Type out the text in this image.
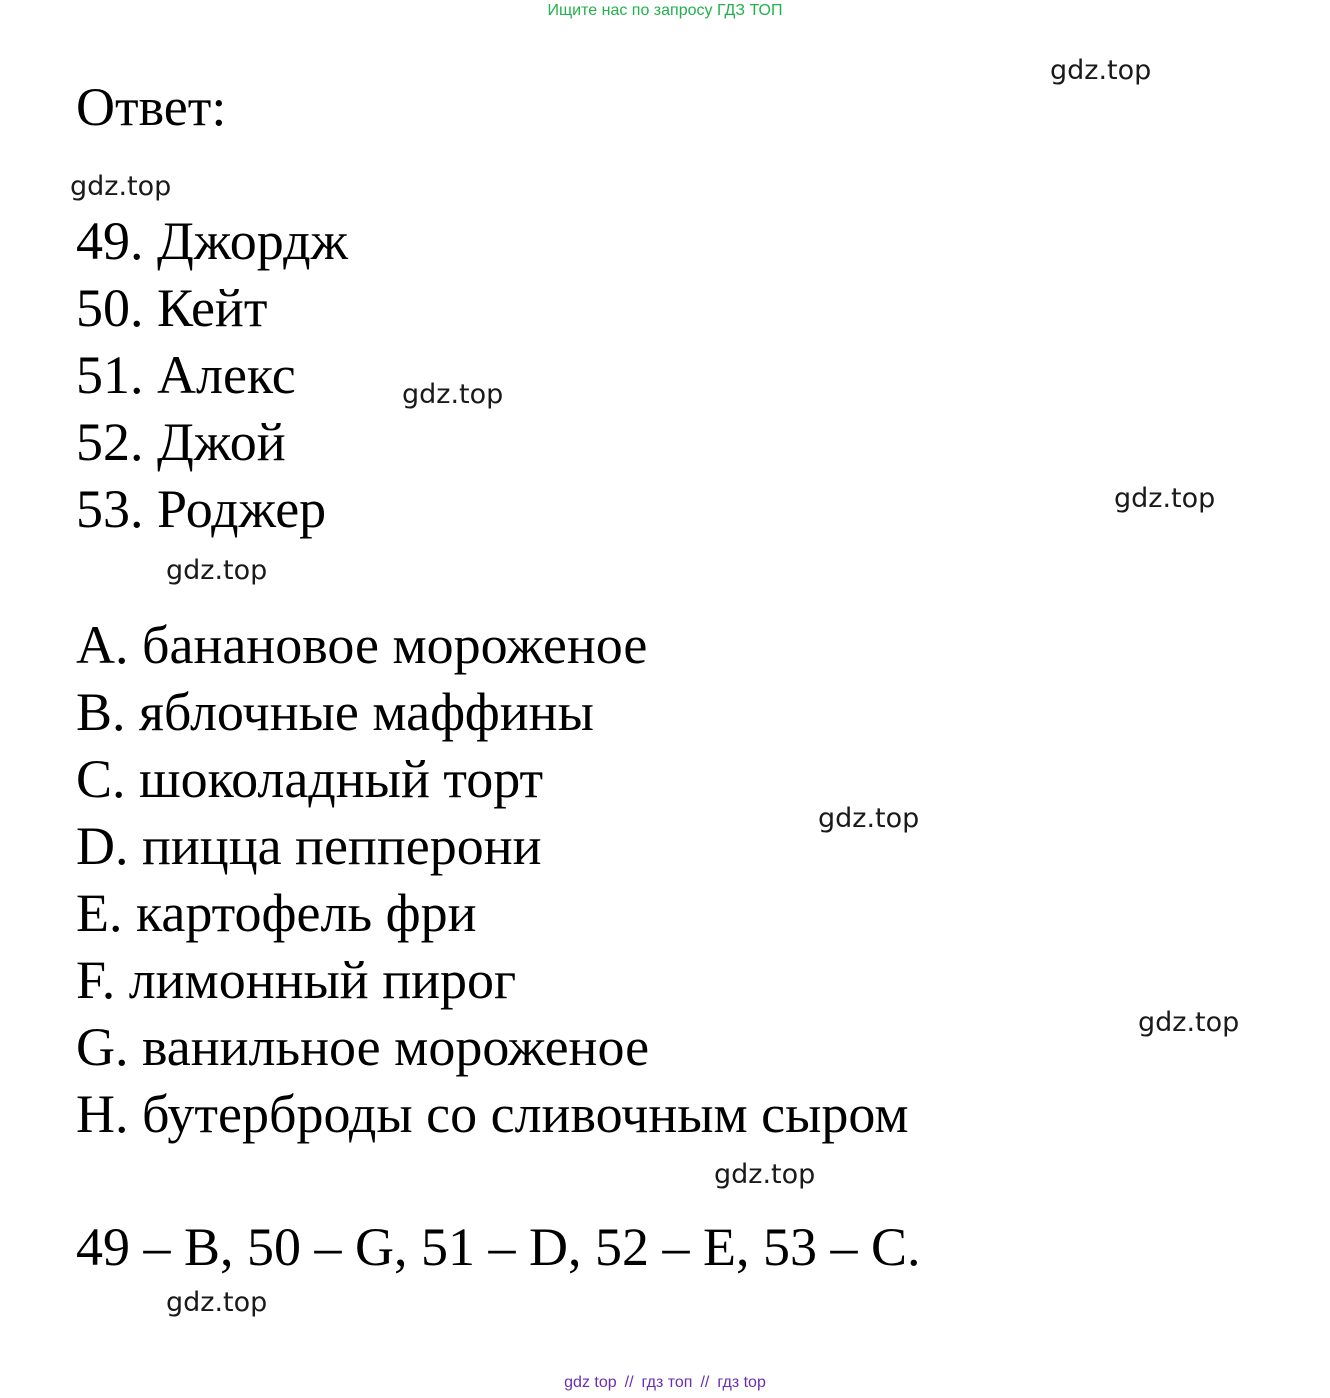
Ищите нас по запросу ГДЗ ТОП
Ответ:
49. Джордж
50. Кейт
51. Алекс
52. Джой
53. Роджер
A. банановое мороженое
B. яблочные маффины
C. шоколадный торт
D. пицца пепперони
E. картофель фри
F. лимонный пирог
G. ванильное мороженое
H. бутерброды со сливочным сыром
49 – B, 50 – G, 51 – D, 52 – E, 53 – C.
gdz.top
gdz.top
gdz.top
gdz.top
gdz.top
gdz.top
gdz.top
gdz.top
gdz.top
gdz top // гдз топ // гдз top
